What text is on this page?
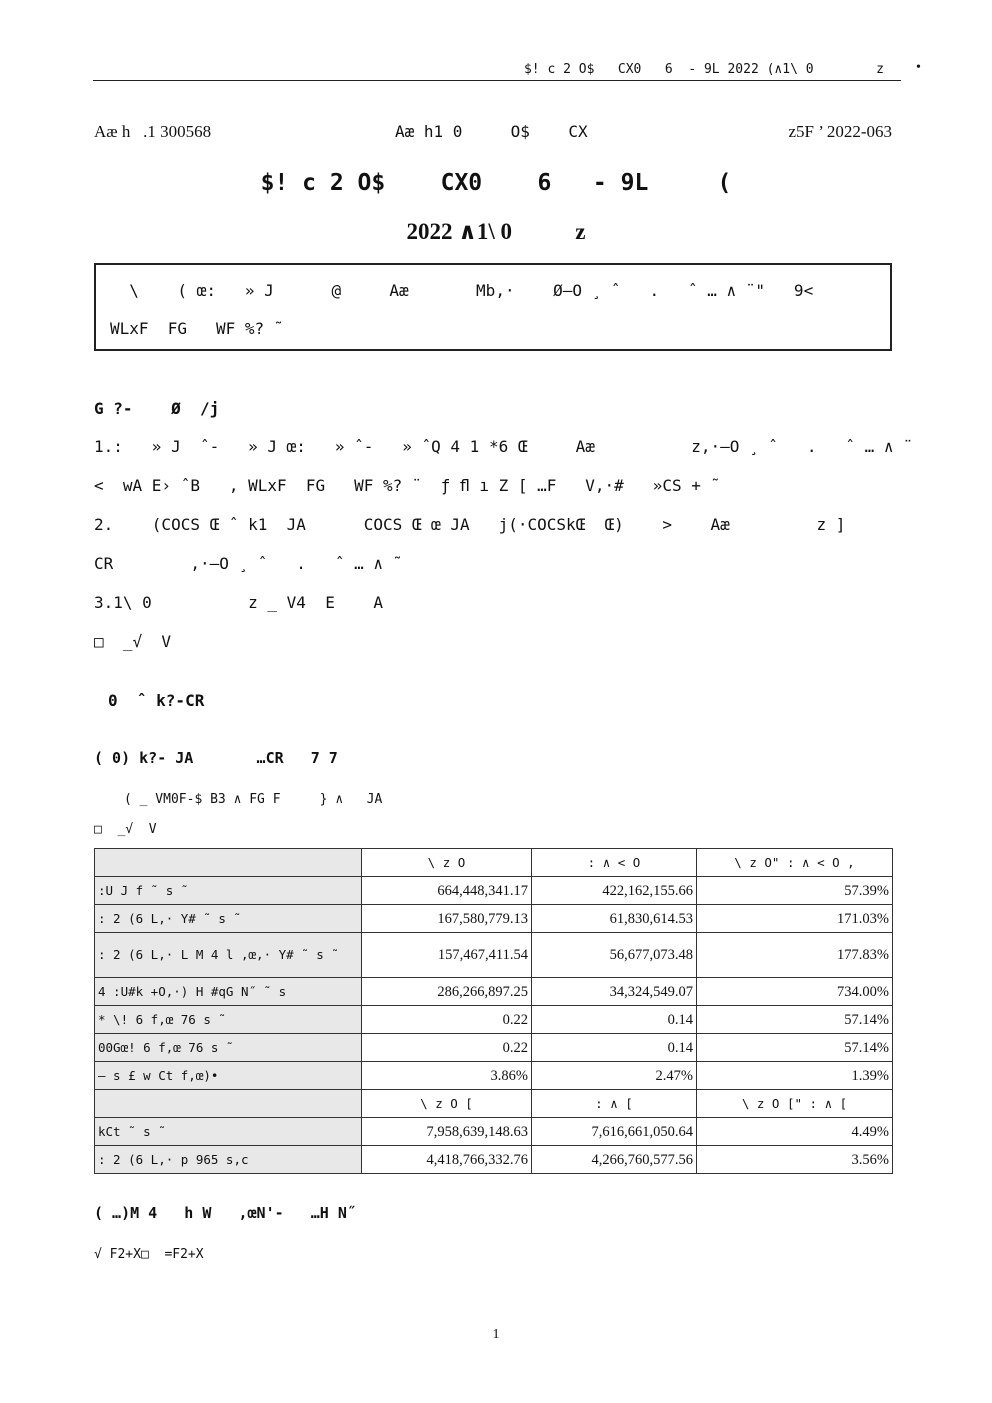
$! c 2 O$   CX0   6  - 9L 2022 (∧1\ 0        z •
Aæ h   .1 300568	Aæ h1 0     O$    CX	z5F ’ 2022-063
$! c 2 O$    CX0    6   - 9L     (
2022 ∧1\ 0           z
\    ( œ:   » J      @     Aæ       Mb,·    Ø–O ¸ ˆ   .   ˆ … ∧ ¨"   9<
WLxF  FG   WF %? ˜
G ?-    Ø  ∕j
1.:   » J  ˆ-   » J œ:   » ˆ-   » ˆQ 4 1 *6 Œ     Aæ          z,·–O ¸ ˆ   .   ˆ … ∧ ¨
<  wA E› ˆB   , WLxF  FG   WF %? ¨  ƒ ﬂ ı Z [ …F   V,·#   »CS + ˜
2.    (COCS Œ ˆ k1  JA      COCS Œ œ JA   j(·COCSkŒ  Œ)    >    Aæ         z ]
CR        ,·–O ¸ ˆ   .   ˆ … ∧ ˜
3.1\ 0          z _ V4  E    A
□  _√  V
0  ˆ k?-CR
( 0) k?- JA       …CR   7 7
( _ VM0F-$ B3 ∧ FG F     } ∧   JA
□  _√  V
	\ z O	: ∧ < O	\ z O" : ∧ < O ,
:U J f ˜ s ˜	664,448,341.17	422,162,155.66	57.39%
: 2 (6 L,· Y# ˜ s ˜	167,580,779.13	61,830,614.53	171.03%
: 2 (6 L,· L M 4 l ,œ,· Y# ˜ s ˜	157,467,411.54	56,677,073.48	177.83%
4 :U#k +O,·) H #qG N˝ ˜ s	286,266,897.25	34,324,549.07	734.00%
* \! 6 f,œ 76 s ˜	0.22	0.14	57.14%
00Gœ! 6 f,œ 76 s ˜	0.22	0.14	57.14%
— s £ w Ct f,œ)•	3.86%	2.47%	1.39%
	\ z O [	: ∧ [	\ z O [" : ∧ [
kCt ˜ s ˜	7,958,639,148.63	7,616,661,050.64	4.49%
: 2 (6 L,· p 965 s,c	4,418,766,332.76	4,266,760,577.56	3.56%
( …)M 4   h W   ,œN'-   …H N˝
√ F2+X□  =F2+X
1
